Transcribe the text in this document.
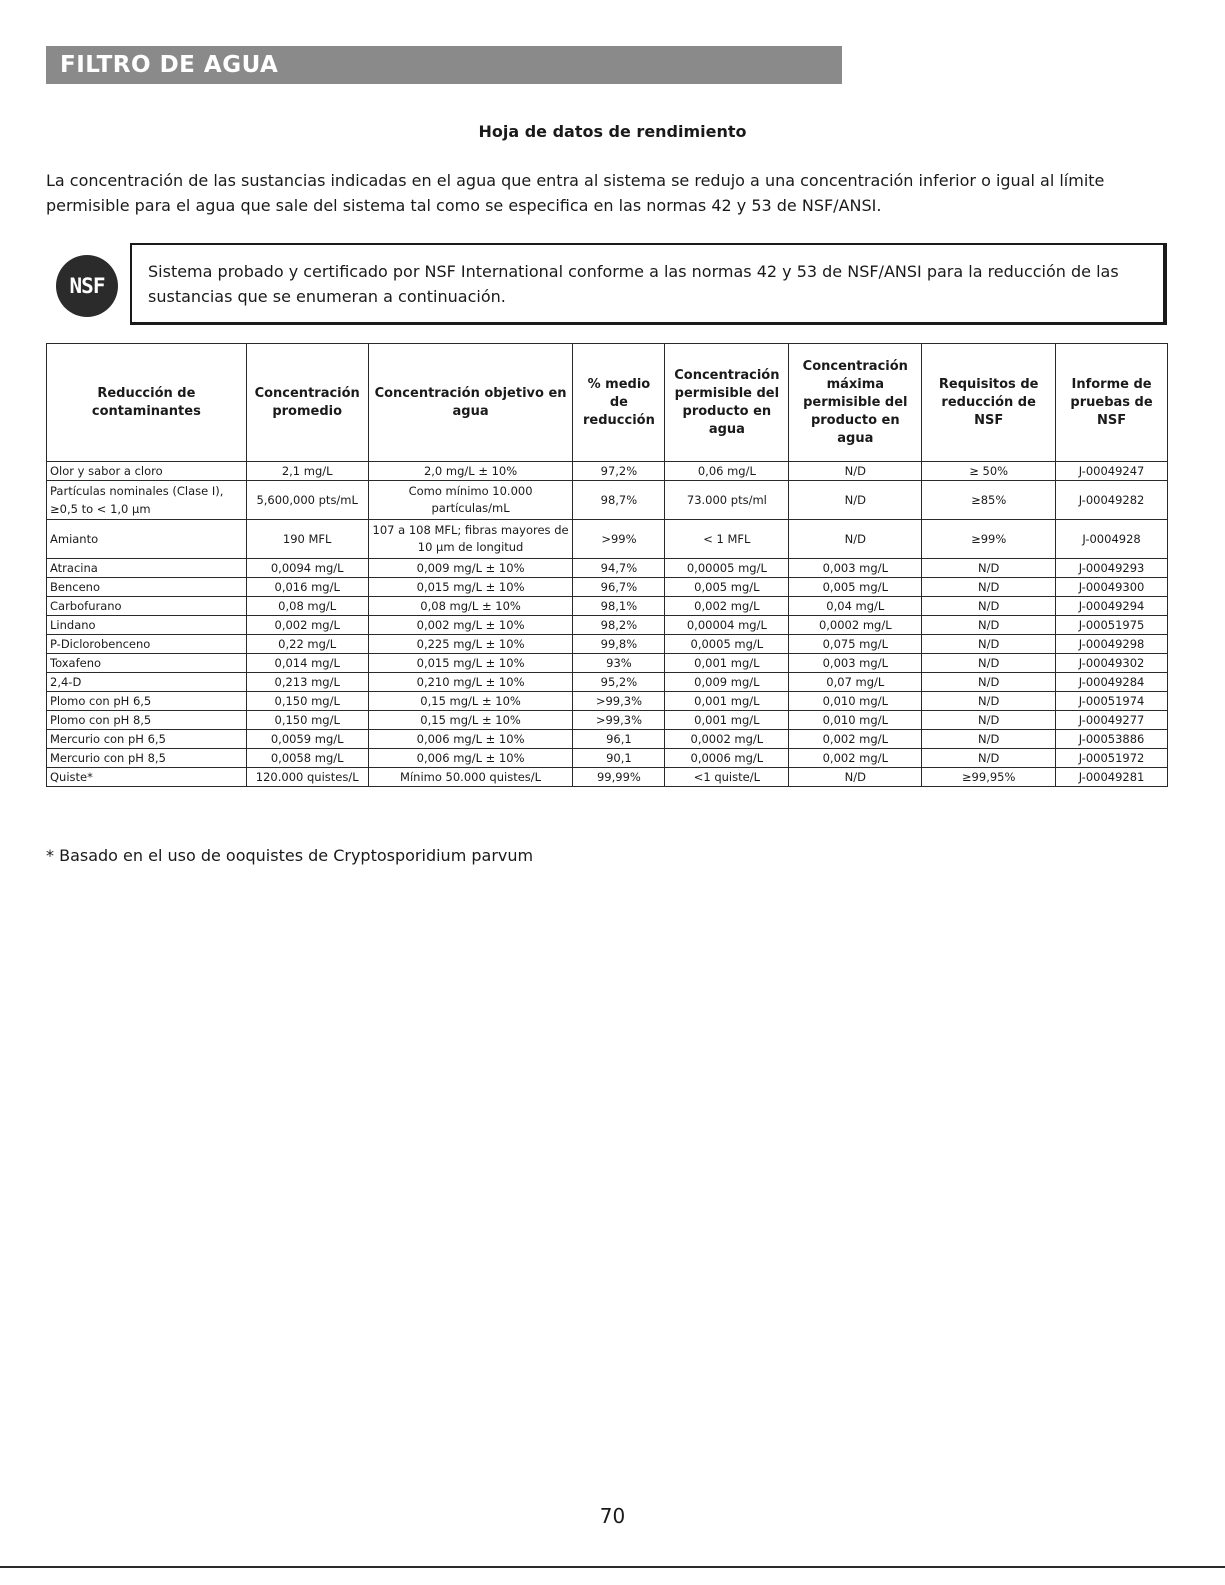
FILTRO DE AGUA
Hoja de datos de rendimiento
La concentración de las sustancias indicadas en el agua que entra al sistema se redujo a una concentración inferior o igual al límite permisible para el agua que sale del sistema tal como se especifica en las normas 42 y 53 de NSF/ANSI.
NSF
Sistema probado y certificado por NSF International conforme a las normas 42 y 53 de NSF/ANSI para la reducción de las sustancias que se enumeran a continuación.
Reducción de contaminantes	Concentración promedio	Concentración objetivo en agua	% medio de reducción	Concentración permisible del producto en agua	Concentración máxima permisible del producto en agua	Requisitos de reducción de NSF	Informe de pruebas de NSF
Olor y sabor a cloro	2,1 mg/L	2,0 mg/L ± 10%	97,2%	0,06 mg/L	N/D	≥ 50%	J-00049247
Partículas nominales (Clase I), ≥0,5 to < 1,0 µm	5,600,000 pts/mL	Como mínimo 10.000 partículas/mL	98,7%	73.000 pts/ml	N/D	≥85%	J-00049282
Amianto	190 MFL	107 a 108 MFL; fibras mayores de 10 µm de longitud	>99%	< 1 MFL	N/D	≥99%	J-0004928
Atracina	0,0094 mg/L	0,009 mg/L ± 10%	94,7%	0,00005 mg/L	0,003 mg/L	N/D	J-00049293
Benceno	0,016 mg/L	0,015 mg/L ± 10%	96,7%	0,005 mg/L	0,005 mg/L	N/D	J-00049300
Carbofurano	0,08 mg/L	0,08 mg/L ± 10%	98,1%	0,002 mg/L	0,04 mg/L	N/D	J-00049294
Lindano	0,002 mg/L	0,002 mg/L ± 10%	98,2%	0,00004 mg/L	0,0002 mg/L	N/D	J-00051975
P-Diclorobenceno	0,22 mg/L	0,225 mg/L ± 10%	99,8%	0,0005 mg/L	0,075 mg/L	N/D	J-00049298
Toxafeno	0,014 mg/L	0,015 mg/L ± 10%	93%	0,001 mg/L	0,003 mg/L	N/D	J-00049302
2,4-D	0,213 mg/L	0,210 mg/L ± 10%	95,2%	0,009 mg/L	0,07 mg/L	N/D	J-00049284
Plomo con pH 6,5	0,150 mg/L	0,15 mg/L ± 10%	>99,3%	0,001 mg/L	0,010 mg/L	N/D	J-00051974
Plomo con pH 8,5	0,150 mg/L	0,15 mg/L ± 10%	>99,3%	0,001 mg/L	0,010 mg/L	N/D	J-00049277
Mercurio con pH 6,5	0,0059 mg/L	0,006 mg/L ± 10%	96,1	0,0002 mg/L	0,002 mg/L	N/D	J-00053886
Mercurio con pH 8,5	0,0058 mg/L	0,006 mg/L ± 10%	90,1	0,0006 mg/L	0,002 mg/L	N/D	J-00051972
Quiste*	120.000 quistes/L	Mínimo 50.000 quistes/L	99,99%	<1 quiste/L	N/D	≥99,95%	J-00049281
* Basado en el uso de ooquistes de Cryptosporidium parvum
70
